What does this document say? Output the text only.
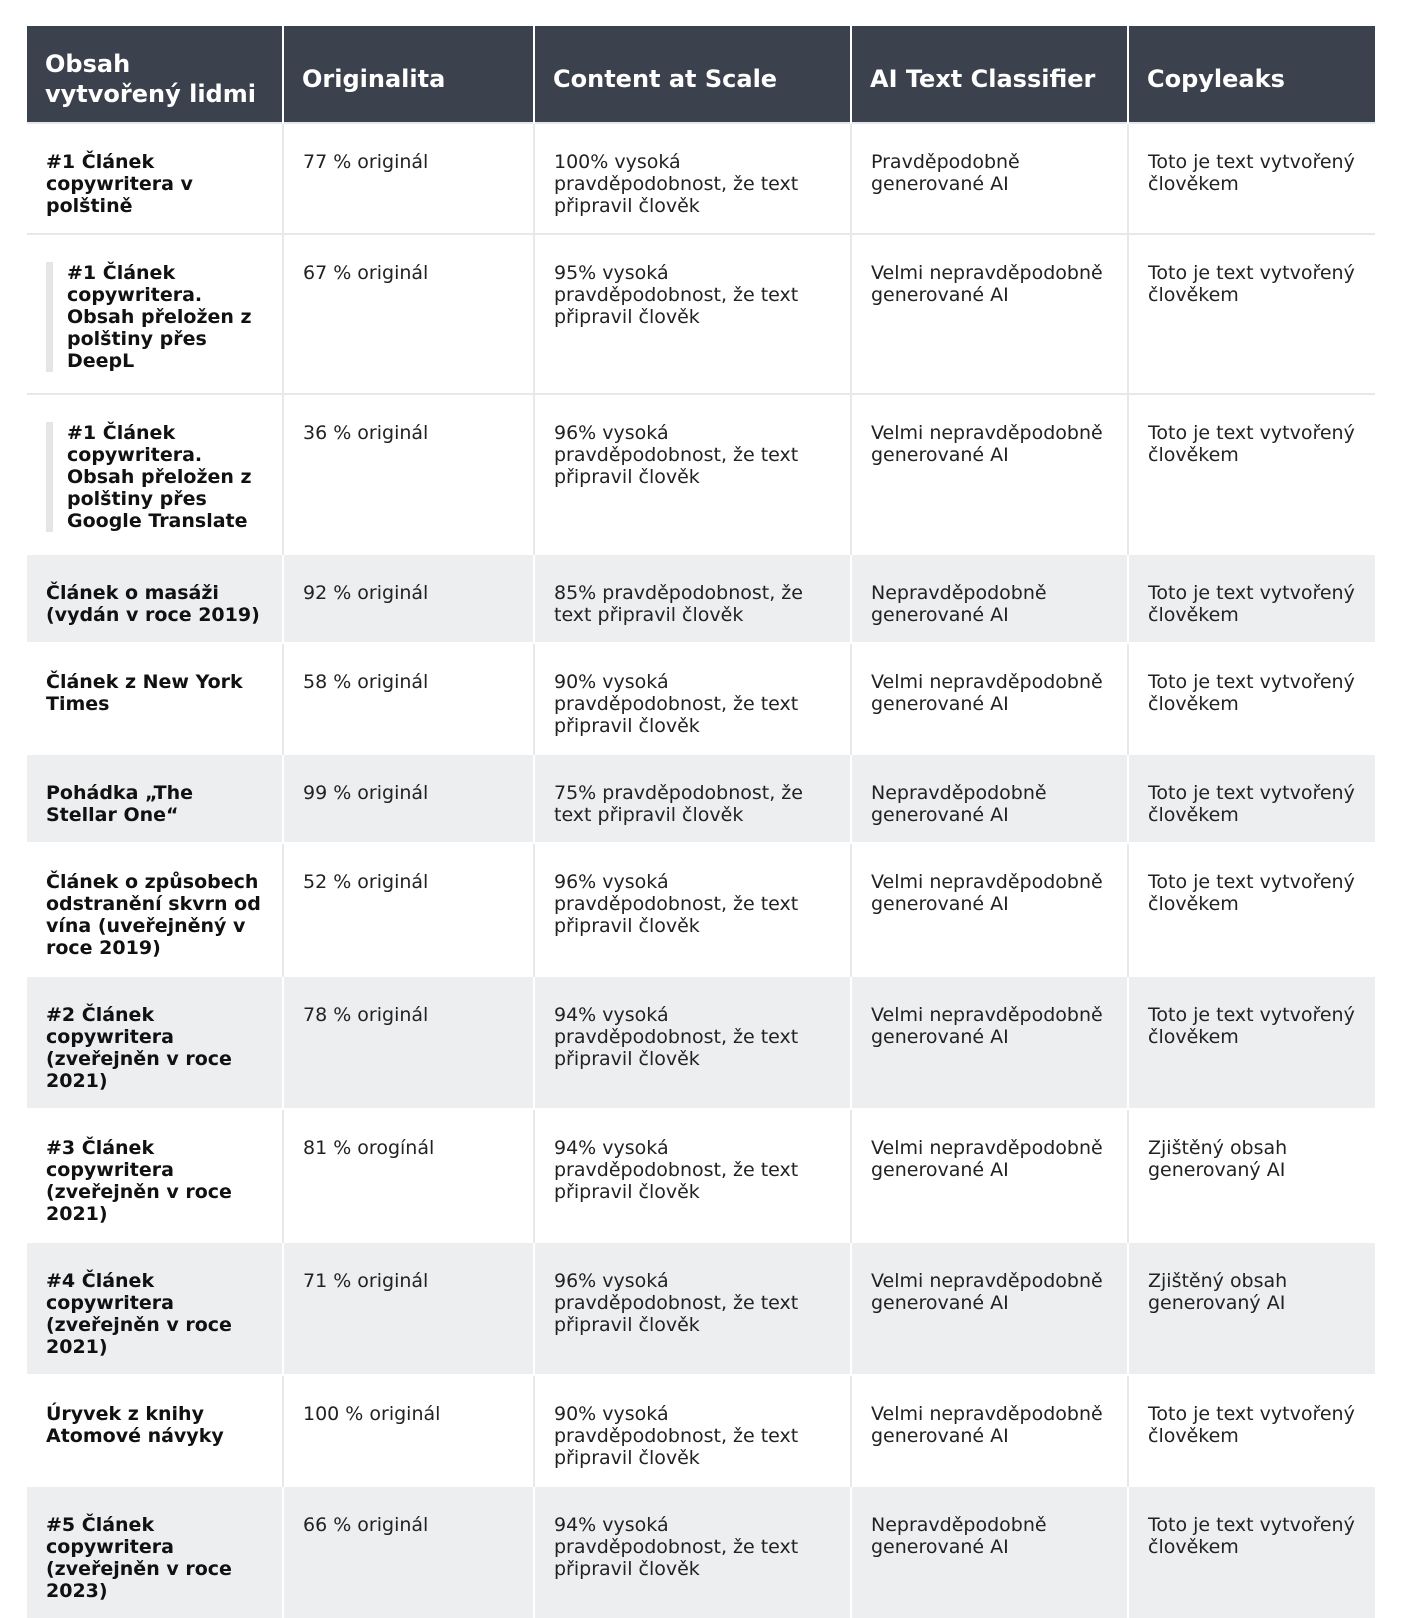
Obsah vytvořený lidmi	Originalita	Content at Scale	AI Text Classifier	Copyleaks

#1 Článek copywritera v polštině	77 % originál	100% vysoká pravděpodobnost, že text připravil člověk	Pravděpodobně generované AI	Toto je text vytvořený člověkem

#1 Článek copywritera. Obsah přeložen z polštiny přes DeepL	67 % originál	95% vysoká pravděpodobnost, že text připravil člověk	Velmi nepravděpodobně generované AI	Toto je text vytvořený člověkem

#1 Článek copywritera. Obsah přeložen z polštiny přes Google Translate	36 % originál	96% vysoká pravděpodobnost, že text připravil člověk	Velmi nepravděpodobně generované AI	Toto je text vytvořený člověkem

Článek o masáži (vydán v roce 2019)	92 % originál	85% pravděpodobnost, že text připravil člověk	Nepravděpodobně generované AI	Toto je text vytvořený člověkem

Článek z New York Times	58 % originál	90% vysoká pravděpodobnost, že text připravil člověk	Velmi nepravděpodobně generované AI	Toto je text vytvořený člověkem

Pohádka „The Stellar One“	99 % originál	75% pravděpodobnost, že text připravil člověk	Nepravděpodobně generované AI	Toto je text vytvořený člověkem

Článek o způsobech odstranění skvrn od vína (uveřejněný v roce 2019)	52 % originál	96% vysoká pravděpodobnost, že text připravil člověk	Velmi nepravděpodobně generované AI	Toto je text vytvořený člověkem

#2 Článek copywritera (zveřejněn v roce 2021)	78 % originál	94% vysoká pravděpodobnost, že text připravil člověk	Velmi nepravděpodobně generované AI	Toto je text vytvořený člověkem

#3 Článek copywritera (zveřejněn v roce 2021)	81 % orogínál	94% vysoká pravděpodobnost, že text připravil člověk	Velmi nepravděpodobně generované AI	Zjištěný obsah generovaný AI

#4 Článek copywritera (zveřejněn v roce 2021)	71 % originál	96% vysoká pravděpodobnost, že text připravil člověk	Velmi nepravděpodobně generované AI	Zjištěný obsah generovaný AI

Úryvek z knihy Atomové návyky	100 % originál	90% vysoká pravděpodobnost, že text připravil člověk	Velmi nepravděpodobně generované AI	Toto je text vytvořený člověkem

#5 Článek copywritera (zveřejněn v roce 2023)	66 % originál	94% vysoká pravděpodobnost, že text připravil člověk	Nepravděpodobně generované AI	Toto je text vytvořený člověkem
